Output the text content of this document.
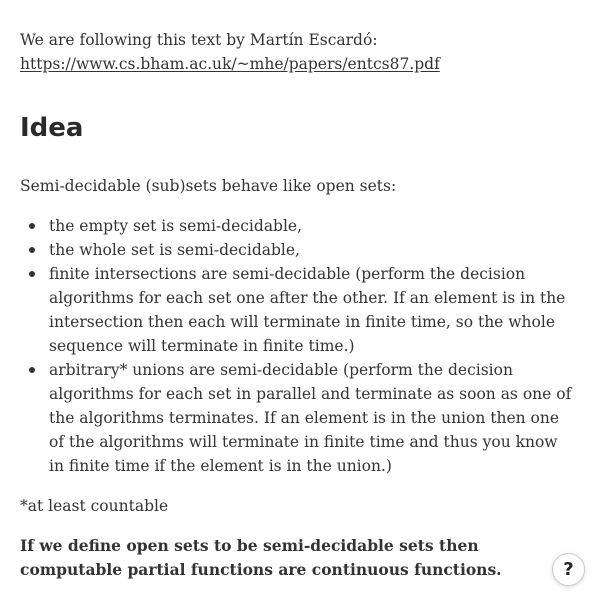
We are following this text by Martín Escardó:
https://www.cs.bham.ac.uk/~mhe/papers/entcs87.pdf

Idea

Semi-decidable (sub)sets behave like open sets:

the empty set is semi-decidable,
the whole set is semi-decidable,
finite intersections are semi-decidable (perform the decision algorithms for each set one after the other. If an element is in the intersection then each will terminate in finite time, so the whole sequence will terminate in finite time.)
arbitrary* unions are semi-decidable (perform the decision algorithms for each set in parallel and terminate as soon as one of the algorithms terminates. If an element is in the union then one of the algorithms will terminate in finite time and thus you know in finite time if the element is in the union.)

*at least countable

If we define open sets to be semi-decidable sets then computable partial functions are continuous functions.	?
